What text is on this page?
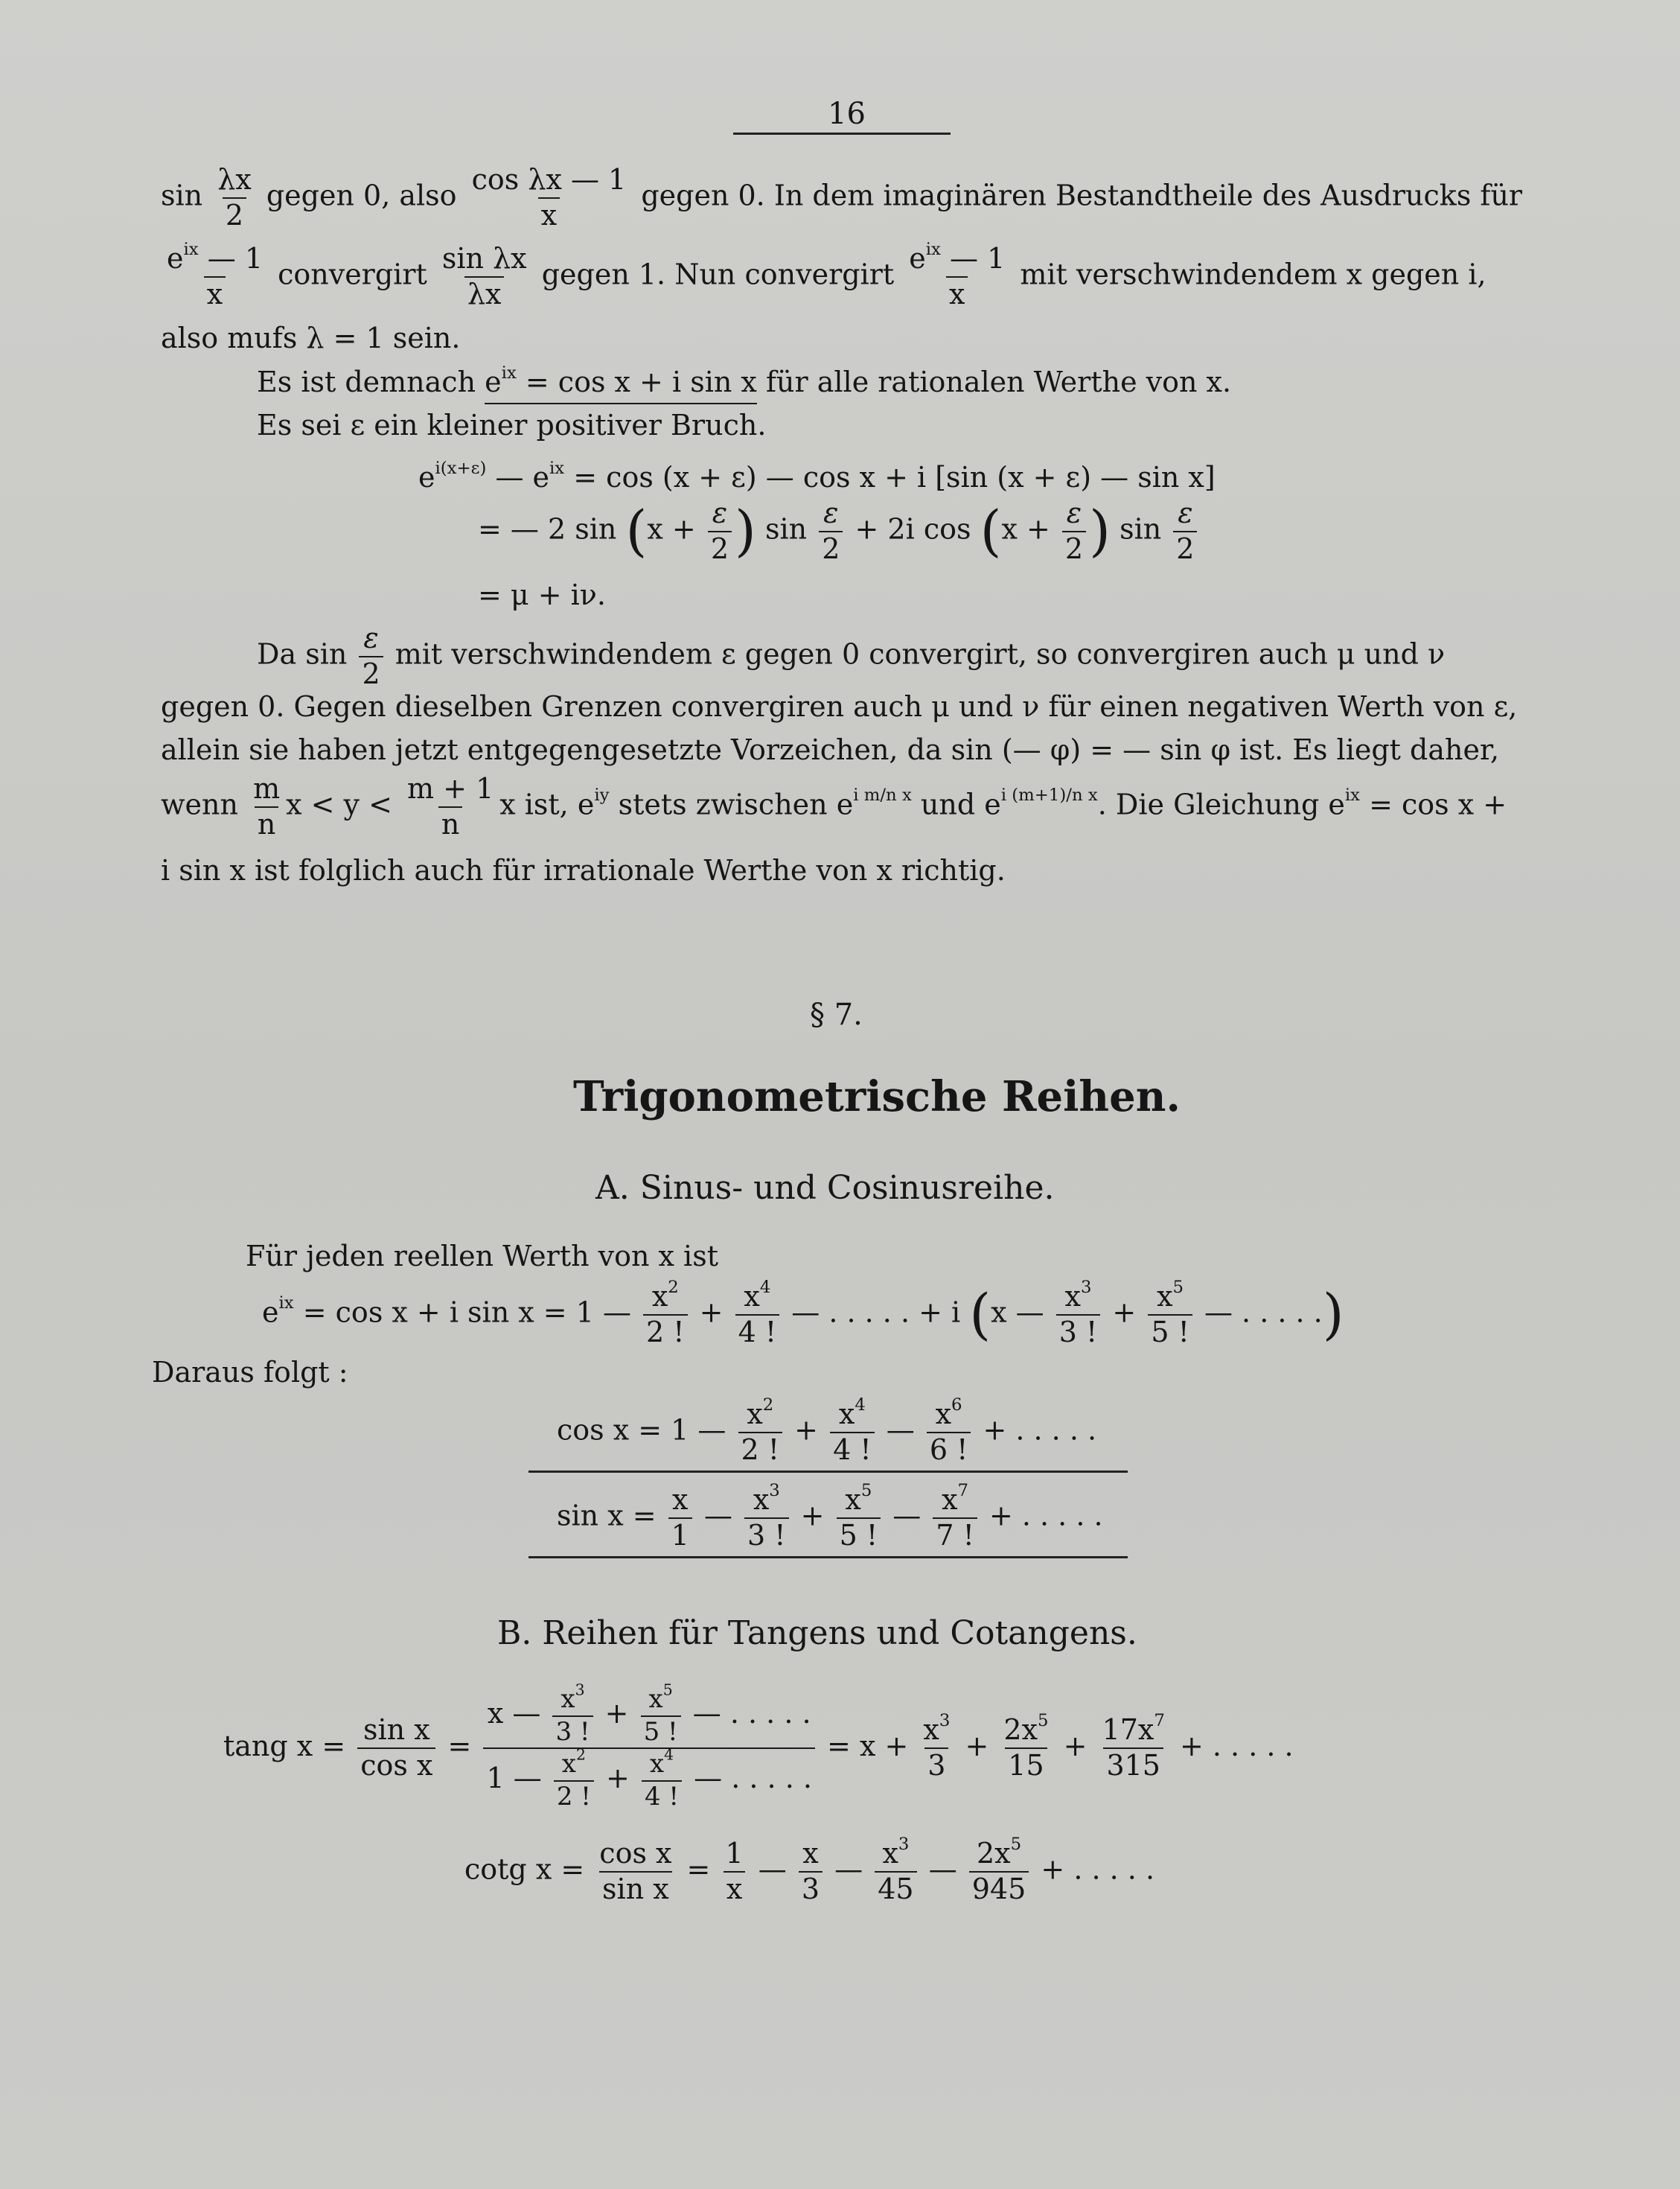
16
$\sin \frac{\lambda x}{2}$ gegen 0, also $\frac{\text{cos λx — 1}}{x}$ gegen 0. In dem imaginären Bestandtheile des Ausdrucks für
$\frac{e^{ix} — 1}{x}$ convergirt $\frac{\text{sin λx}}{\lambda x}$ gegen 1. Nun convergirt $\frac{e^{ix} — 1}{x}$ mit verschwindendem x gegen i,
also mufs λ = 1 sein.
Es ist demnach $e^{ix} = \cos x + i$ sin x für alle rationalen Werthe von x.
Es sei ε ein kleiner positiver Bruch.
$e^{i(x+\varepsilon)}$ — $e^{ix} = \cos (x + \varepsilon)$ — cos x + i [sin (x + ε) — sin x]
= — 2 $\sin (x + \frac{\varepsilon}{2}$ ) $\sin \frac{\varepsilon}{2} + 2i$ $\cos (x + \frac{\varepsilon}{2}$ ) $\sin \frac{\varepsilon}{2}$
= μ + iν.
Da $\sin \frac{\varepsilon}{2}$ mit verschwindendem ε gegen 0 convergirt, so convergiren auch μ und ν
gegen 0. Gegen dieselben Grenzen convergiren auch μ und ν für einen negativen Werth von ε,
allein sie haben jetzt entgegengesetzte Vorzeichen, da sin (— φ) = — sin φ ist. Es liegt daher,
wenn $\frac{m}{n}$ $x < y < \frac{m + 1}{n}$ x ist, $e^{iy}$ stets zwischen $e^{i m/n x}$ und $e^{i (m+1)/n x}$. Die Gleichung $e^{ix} = \cos x$ +
i sin x ist folglich auch für irrationale Werthe von x richtig.
§ 7.
Trigonometrische Reihen.
A. Sinus- und Cosinusreihe.
Für jeden reellen Werth von x ist
$e^{ix} = \cos x + i$ sin x = 1 — $\frac{x^2}{2 !} + \frac{x^4}{4 !}$ — . . . . . + i (x — $\frac{x^3}{3 !} + \frac{x^5}{5 !}$ — . . . . .)
Daraus folgt :
cos x = 1 — $\frac{x^2}{2 !} + \frac{x^4}{4 !}$ — $\frac{x^6}{6 !}$ + . . . . .
$\sin x = \frac{x}{1}$ — $\frac{x^3}{3 !} + \frac{x^5}{5 !}$ — $\frac{x^7}{7 !}$ + . . . . .
B. Reihen für Tangens und Cotangens.
tang $x = \frac{\text{sin x}}{\text{cos x}}$ =
x — $\frac{x^3}{3 !} + \frac{x^5}{5 !}$ — . . . . .
1 — $\frac{x^2}{2 !} + \frac{x^4}{4 !}$ — . . . . .
= $x + \frac{x^3}{3} + \frac{2x^5}{15} + \frac{17x^7}{315}$ + . . . . .
cotg $x = \frac{\text{cos x}}{\text{sin x}} = \frac{1}{x}$ — $\frac{x}{3}$ — $\frac{x^3}{45}$ — $\frac{2x^5}{945}$ + . . . . .
